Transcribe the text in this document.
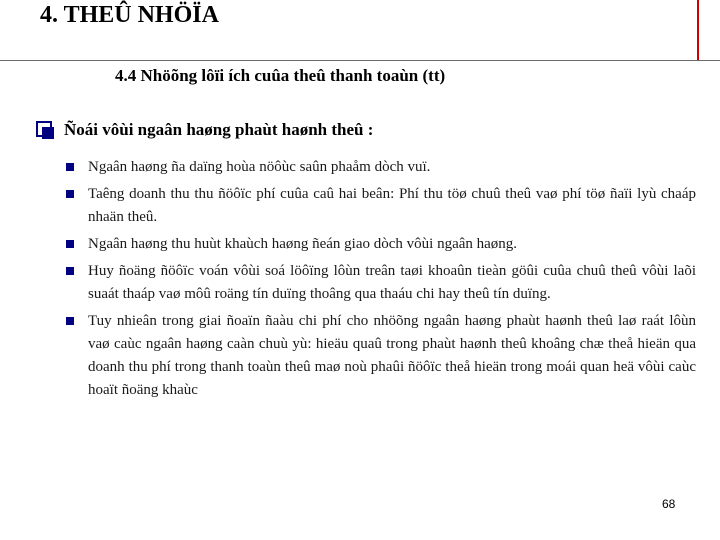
4. THEÛ NHÖÏA
4.4 Nhöõng lôïi ích cuûa theû thanh toaùn (tt)
Ñoái vôùi ngaân haøng phaùt haønh theû :
Ngaân haøng ña daïng hoùa nöôùc saûn phaåm dòch vuï.
Taêng doanh thu thu ñöôïc phí cuûa caû hai beân: Phí thu töø chuû theû vaø phí töø ñaïi lyù chaáp nhaän theû.
Ngaân haøng thu huùt khaùch haøng ñeán giao dòch vôùi ngaân haøng.
Huy ñoäng ñöôïc voán vôùi soá löôïng lôùn treân taøi khoaûn tieàn göûi cuûa chuû theû vôùi laõi suaát thaáp vaø môû roäng tín duïng thoâng qua thaáu chi hay theû tín duïng.
Tuy nhieân trong giai ñoaïn ñaàu chi phí cho nhöõng ngaân haøng phaùt haønh theû laø raát lôùn vaø caùc ngaân haøng caàn chuù yù: hieäu quaû trong phaùt haønh theû khoâng chæ theå hieän qua doanh thu phí trong thanh toaùn theû maø noù phaûi ñöôïc theå hieän trong moái quan heä vôùi caùc hoaït ñoäng khaùc
68
